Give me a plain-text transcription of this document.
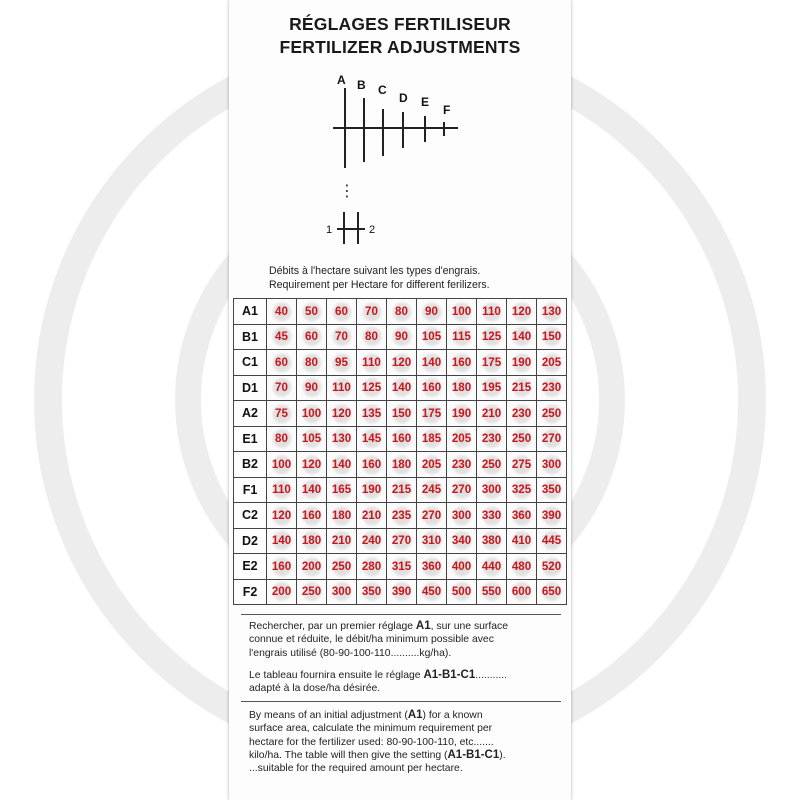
RÉGLAGES FERTILISEUR
FERTILIZER ADJUSTMENTS
A B C
D E
F
⋮
1	2
Débits à l'hectare suivant les types d'engrais.
Requirement per Hectare for different ferilizers.
A1	40	50	60	70	80	90	100	110	120	130
B1	45	60	70	80	90	105	115	125	140	150
C1	60	80	95	110	120	140	160	175	190	205
D1	70	90	110	125	140	160	180	195	215	230
A2	75	100	120	135	150	175	190	210	230	250
E1	80	105	130	145	160	185	205	230	250	270
B2	100	120	140	160	180	205	230	250	275	300
F1	110	140	165	190	215	245	270	300	325	350
C2	120	160	180	210	235	270	300	330	360	390
D2	140	180	210	240	270	310	340	380	410	445
E2	160	200	250	280	315	360	400	440	480	520
F2	200	250	300	350	390	450	500	550	600	650
Rechercher, par un premier réglage A1, sur une surface
connue et réduite, le débit/ha minimum possible avec
l'engrais utilisé (80-90-100-110..........kg/ha).
Le tableau fournira ensuite le réglage A1-B1-C1...........
adapté à la dose/ha désirée.
By means of an initial adjustment (A1) for a known
surface area, calculate the minimum requirement per
hectare for the fertilizer used: 80-90-100-110, etc.......
kilo/ha. The table will then give the setting (A1-B1-C1).
...suitable for the required amount per hectare.
